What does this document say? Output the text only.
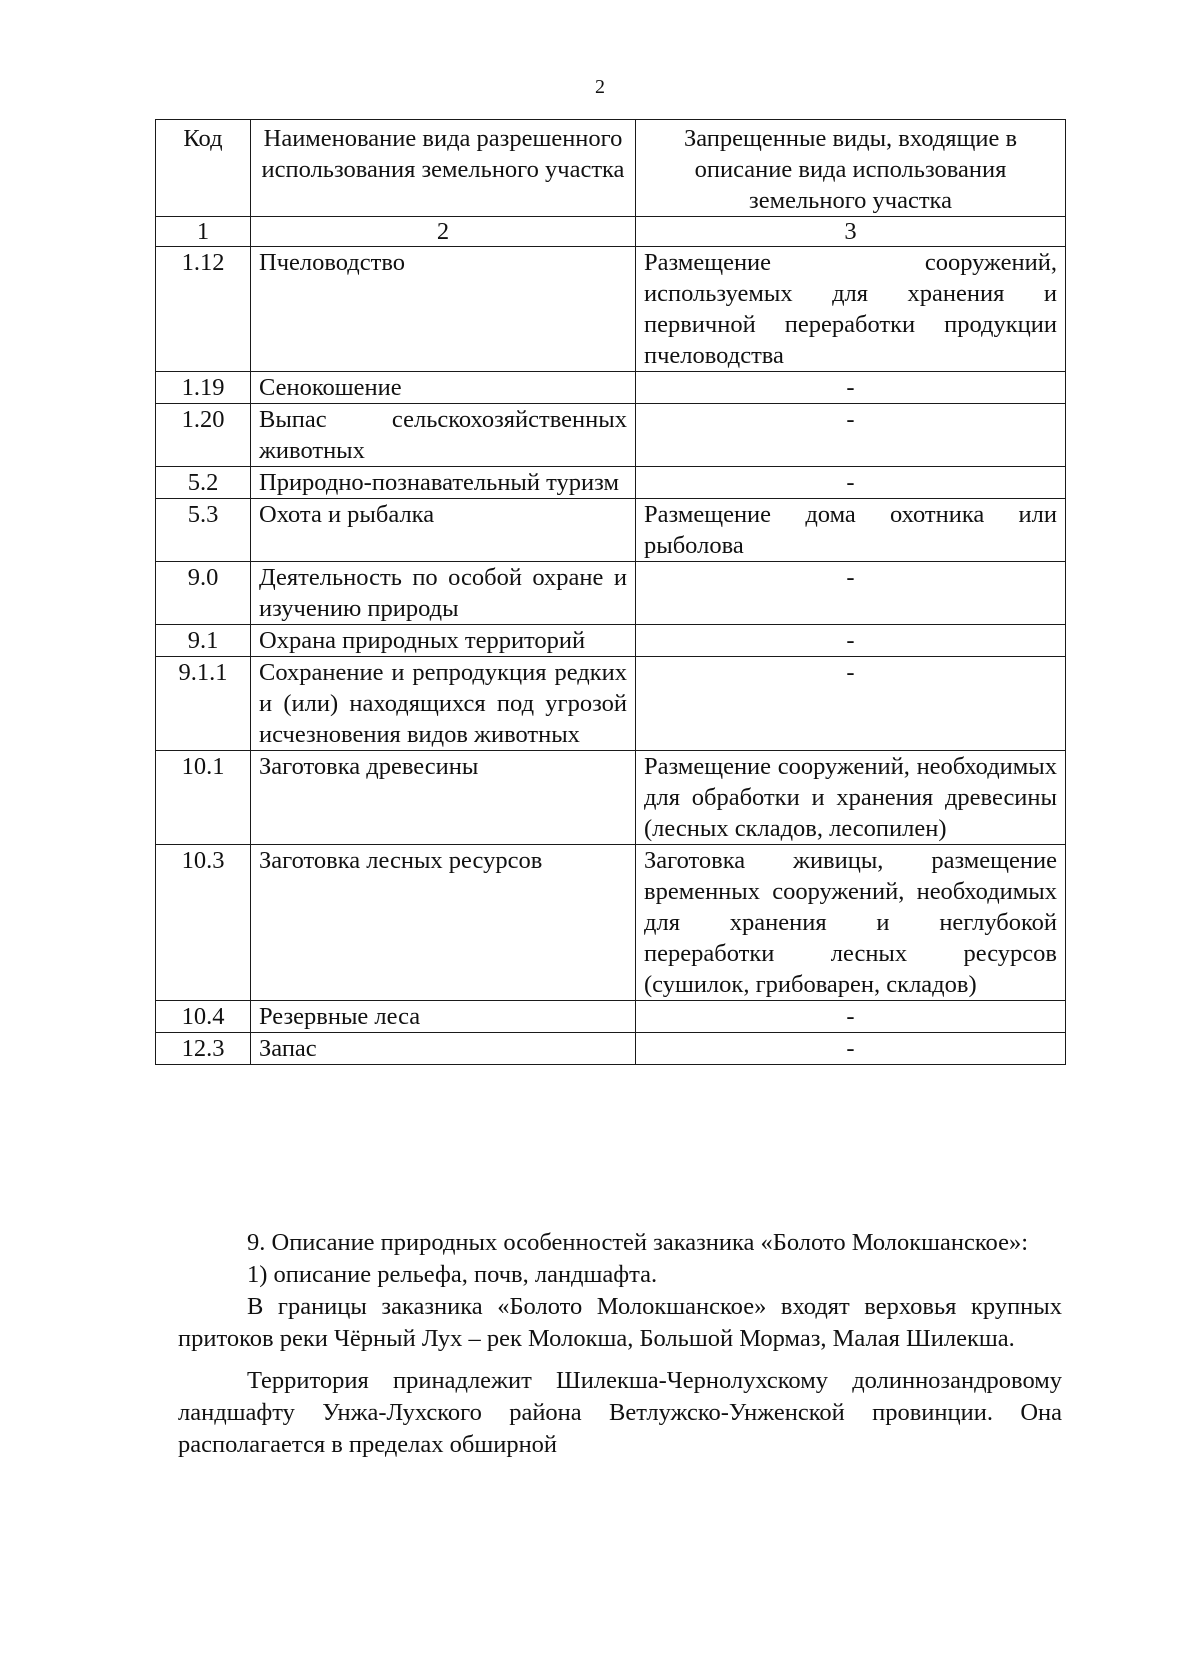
2
Код	Наименование вида разрешенного использования земельного участка	Запрещенные виды, входящие в описание вида использования земельного участка
1	2	3
1.12	Пчеловодство	Размещение сооружений, используемых для хранения и первичной переработки продукции пчеловодства
1.19	Сенокошение	-
1.20	Выпас сельскохозяйственных животных	-
5.2	Природно-познавательный туризм	-
5.3	Охота и рыбалка	Размещение дома охотника или рыболова
9.0	Деятельность по особой охране и изучению природы	-
9.1	Охрана природных территорий	-
9.1.1	Сохранение и репродукция редких и (или) находящихся под угрозой исчезновения видов животных	-
10.1	Заготовка древесины	Размещение сооружений, необходимых для обработки и хранения древесины (лесных складов, лесопилен)
10.3	Заготовка лесных ресурсов	Заготовка живицы, размещение временных сооружений, необходимых для хранения и неглубокой переработки лесных ресурсов (сушилок, грибоварен, складов)
10.4	Резервные леса	-
12.3	Запас	-

9. Описание природных особенностей заказника «Болото Молокшанское»:

1) описание рельефа, почв, ландшафта.

В границы заказника «Болото Молокшанское» входят верховья крупных притоков реки Чёрный Лух – рек Молокша, Большой Мормаз, Малая Шилекша.

Территория принадлежит Шилекша-Чернолухскому долиннозандровому ландшафту Унжа-Лухского района Ветлужско-Унженской провинции. Она располагается в пределах обширной
